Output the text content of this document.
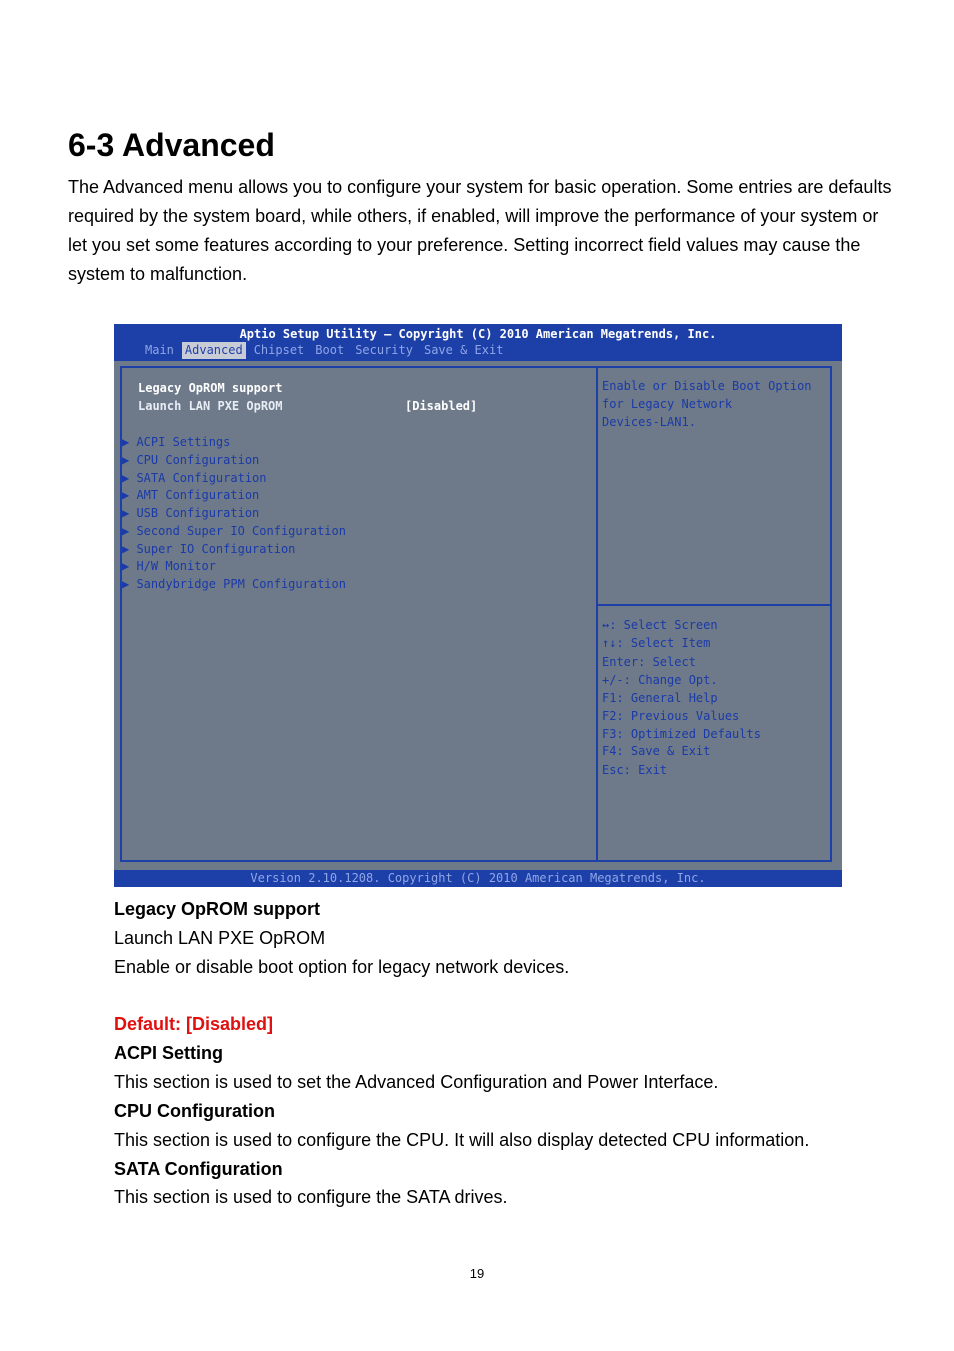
6-3 Advanced

The Advanced menu allows you to configure your system for basic operation. Some entries are defaults required by the system board, while others, if enabled, will improve the performance of your system or let you set some features according to your preference. Setting incorrect field values may cause the system to malfunction.

Aptio Setup Utility – Copyright (C) 2010 American Megatrends, Inc.
Main Advanced Chipset Boot Security Save & Exit
Legacy OpROM support
Launch LAN PXE OpROM	[Disabled]
▶ ACPI Settings
▶ CPU Configuration
▶ SATA Configuration
▶ AMT Configuration
▶ USB Configuration
▶ Second Super IO Configuration
▶ Super IO Configuration
▶ H/W Monitor
▶ Sandybridge PPM Configuration
Enable or Disable Boot Option
for Legacy Network
Devices-LAN1.
↔: Select Screen
↑↓: Select Item
Enter: Select
+/-: Change Opt.
F1: General Help
F2: Previous Values
F3: Optimized Defaults
F4: Save & Exit
Esc: Exit
Version 2.10.1208. Copyright (C) 2010 American Megatrends, Inc.

Legacy OpROM support

Launch LAN PXE OpROM

Enable or disable boot option for legacy network devices.

Default: [Disabled]

ACPI Setting

This section is used to set the Advanced Configuration and Power Interface.

CPU Configuration

This section is used to configure the CPU. It will also display detected CPU information.

SATA Configuration

This section is used to configure the SATA drives.

19
